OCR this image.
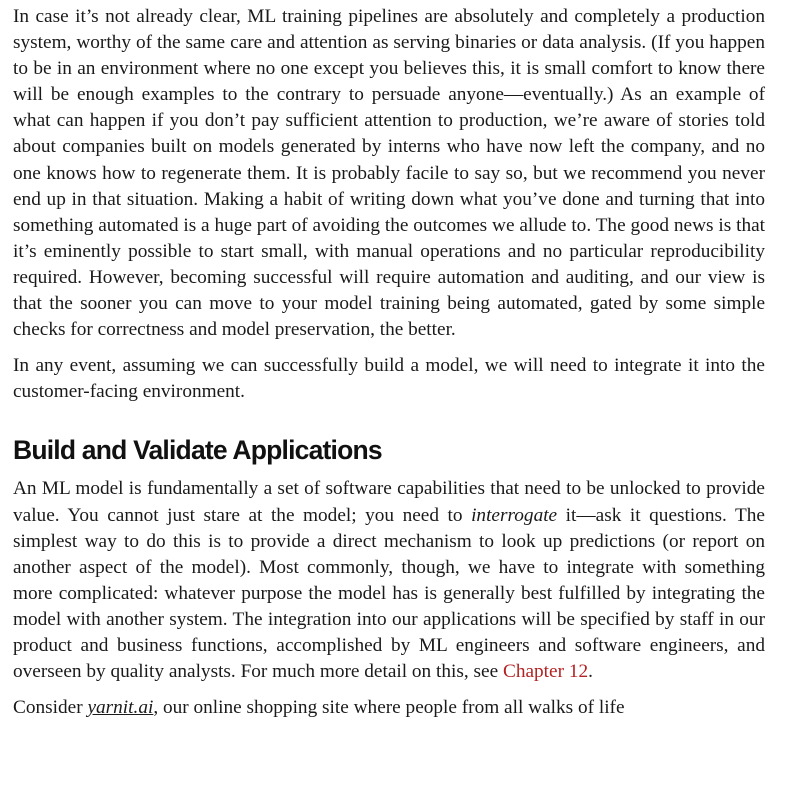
In case it’s not already clear, ML training pipelines are absolutely and completely a production system, worthy of the same care and attention as serving binaries or data analysis. (If you happen to be in an environment where no one except you believes this, it is small comfort to know there will be enough examples to the contrary to persuade anyone—eventually.) As an example of what can happen if you don’t pay sufficient attention to production, we’re aware of stories told about companies built on models generated by interns who have now left the company, and no one knows how to regenerate them. It is probably facile to say so, but we recommend you never end up in that situation. Making a habit of writing down what you’ve done and turning that into something automated is a huge part of avoiding the outcomes we allude to. The good news is that it’s eminently possible to start small, with manual operations and no particular reproducibility required. However, becoming successful will require automation and auditing, and our view is that the sooner you can move to your model training being automated, gated by some simple checks for correctness and model preservation, the better.

In any event, assuming we can successfully build a model, we will need to integrate it into the customer-facing environment.

Build and Validate Applications

An ML model is fundamentally a set of software capabilities that need to be unlocked to provide value. You cannot just stare at the model; you need to interrogate it—ask it questions. The simplest way to do this is to provide a direct mechanism to look up predictions (or report on another aspect of the model). Most commonly, though, we have to integrate with something more complicated: whatever purpose the model has is generally best fulfilled by integrating the model with another system. The integration into our applications will be specified by staff in our product and business functions, accomplished by ML engineers and software engineers, and overseen by quality analysts. For much more detail on this, see Chapter 12.

Consider yarnit.ai, our online shopping site where people from all walks of life
